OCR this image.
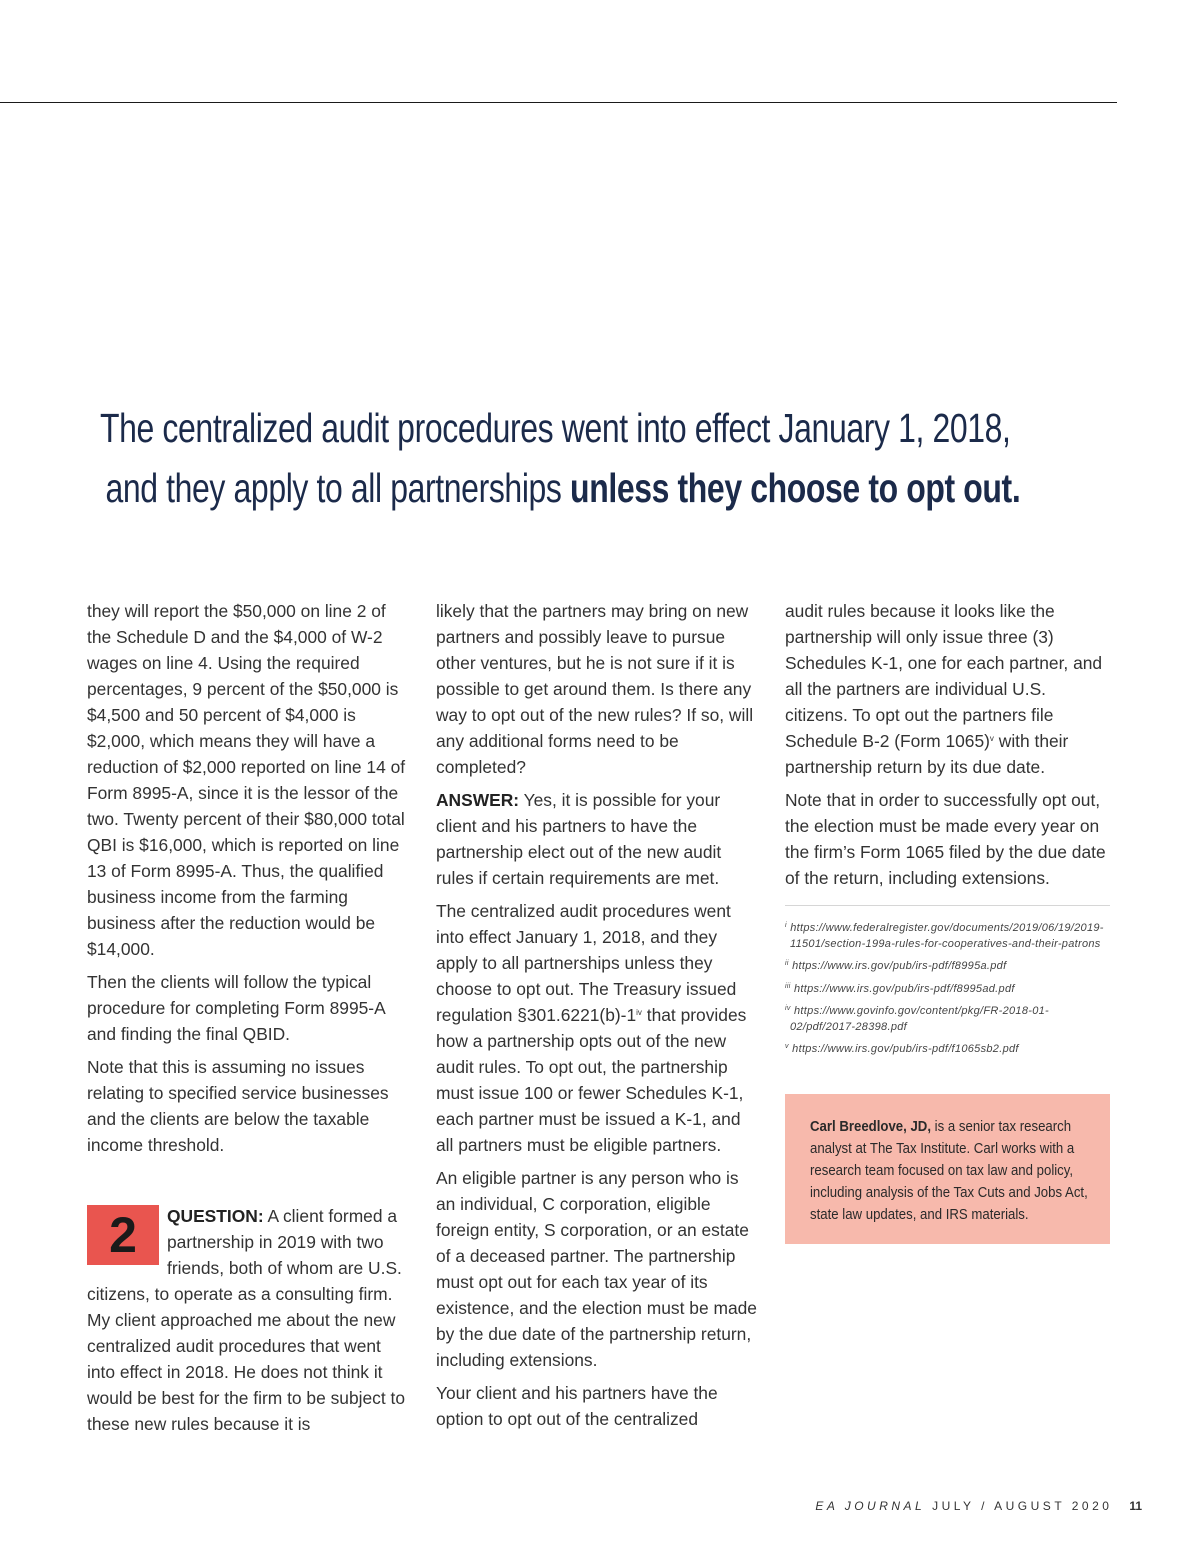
The centralized audit procedures went into effect January 1, 2018,
and they apply to all partnerships unless they choose to opt out.

they will report the $50,000 on line 2 of the Schedule D and the $4,000 of W-2 wages on line 4. Using the required percentages, 9 percent of the $50,000 is $4,500 and 50 percent of $4,000 is $2,000, which means they will have a reduction of $2,000 reported on line 14 of Form 8995-A, since it is the lessor of the two. Twenty percent of their $80,000 total QBI is $16,000, which is reported on line 13 of Form 8995-A. Thus, the qualified business income from the farming business after the reduction would be $14,000.

Then the clients will follow the typical procedure for completing Form 8995-A and finding the final QBID.

Note that this is assuming no issues relating to specified service businesses and the clients are below the taxable income threshold.

2	QUESTION: A client formed a partnership in 2019 with two friends, both of whom are U.S. citizens, to operate as a consulting firm. My client approached me about the new centralized audit procedures that went into effect in 2018. He does not think it would be best for the firm to be subject to these new rules because it is

likely that the partners may bring on new partners and possibly leave to pursue other ventures, but he is not sure if it is possible to get around them. Is there any way to opt out of the new rules? If so, will any additional forms need to be completed?

ANSWER: Yes, it is possible for your client and his partners to have the partnership elect out of the new audit rules if certain requirements are met.

The centralized audit procedures went into effect January 1, 2018, and they apply to all partnerships unless they choose to opt out. The Treasury issued regulation §301.6221(b)-1$^{iv}$ that provides how a partnership opts out of the new audit rules. To opt out, the partnership must issue 100 or fewer Schedules K-1, each partner must be issued a K-1, and all partners must be eligible partners.

An eligible partner is any person who is an individual, C corporation, eligible foreign entity, S corporation, or an estate of a deceased partner. The partnership must opt out for each tax year of its existence, and the election must be made by the due date of the partnership return, including extensions.

Your client and his partners have the option to opt out of the centralized

audit rules because it looks like the partnership will only issue three (3) Schedules K-1, one for each partner, and all the partners are individual U.S. citizens. To opt out the partners file Schedule B-2 (Form 1065)$^v$ with their partnership return by its due date.

Note that in order to successfully opt out, the election must be made every year on the firm’s Form 1065 filed by the due date of the return, including extensions.

$^i$ https://www.federalregister.gov/documents/2019/06/19/2019-11501/section-199a-rules-for-cooperatives-and-their-patrons
$^{ii}$ https://www.irs.gov/pub/irs-pdf/f8995a.pdf
$^{iii}$ https://www.irs.gov/pub/irs-pdf/f8995ad.pdf
$^{iv}$ https://www.govinfo.gov/content/pkg/FR-2018-01-02/pdf/2017-28398.pdf
$^v$ https://www.irs.gov/pub/irs-pdf/f1065sb2.pdf
Carl Breedlove, JD, is a senior tax research analyst at The Tax Institute. Carl works with a research team focused on tax law and policy, including analysis of the Tax Cuts and Jobs Act, state law updates, and IRS materials.
EA JOURNAL JULY / AUGUST 2020 11
